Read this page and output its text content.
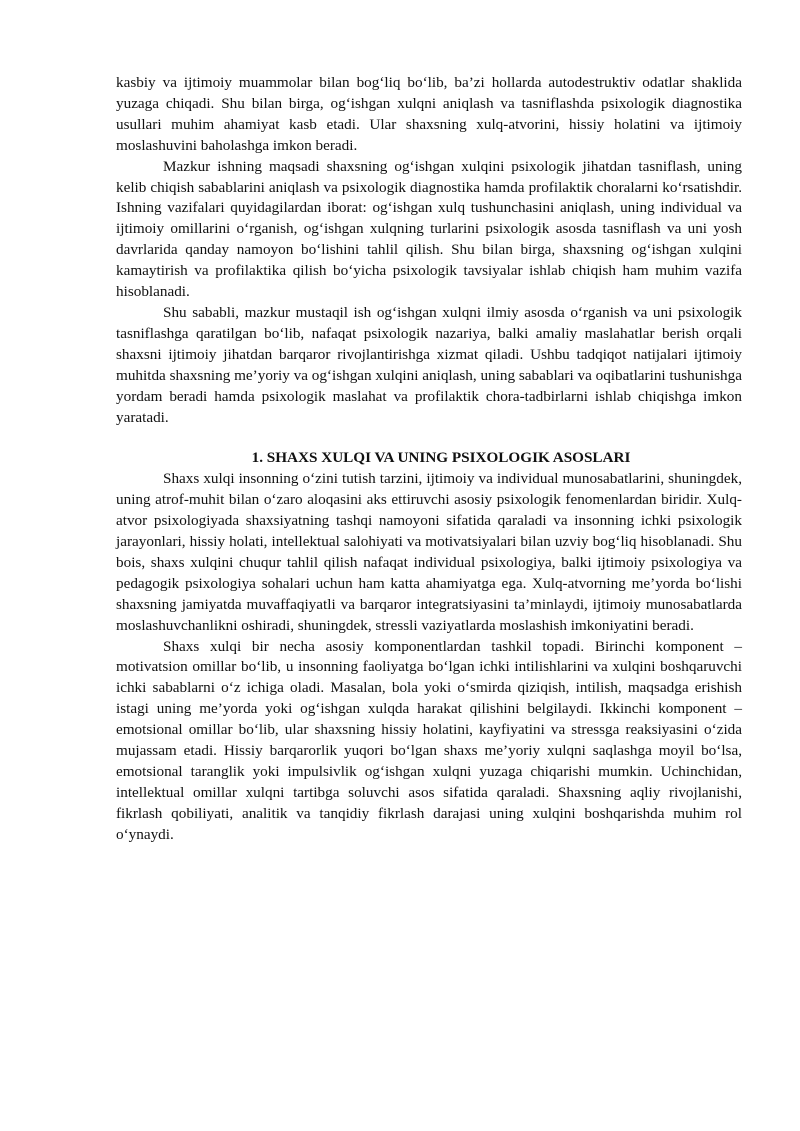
kasbiy va ijtimoiy muammolar bilan bog‘liq bo‘lib, ba’zi hollarda autodestruktiv odatlar shaklida yuzaga chiqadi. Shu bilan birga, og‘ishgan xulqni aniqlash va tasniflashda psixologik diagnostika usullari muhim ahamiyat kasb etadi. Ular shaxsning xulq-atvorini, hissiy holatini va ijtimoiy moslashuvini baholashga imkon beradi.

Mazkur ishning maqsadi shaxsning og‘ishgan xulqini psixologik jihatdan tasniflash, uning kelib chiqish sabablarini aniqlash va psixologik diagnostika hamda profilaktik choralarni ko‘rsatishdir. Ishning vazifalari quyidagilardan iborat: og‘ishgan xulq tushunchasini aniqlash, uning individual va ijtimoiy omillarini o‘rganish, og‘ishgan xulqning turlarini psixologik asosda tasniflash va uni yosh davrlarida qanday namoyon bo‘lishini tahlil qilish. Shu bilan birga, shaxsning og‘ishgan xulqini kamaytirish va profilaktika qilish bo‘yicha psixologik tavsiyalar ishlab chiqish ham muhim vazifa hisoblanadi.

Shu sababli, mazkur mustaqil ish og‘ishgan xulqni ilmiy asosda o‘rganish va uni psixologik tasniflashga qaratilgan bo‘lib, nafaqat psixologik nazariya, balki amaliy maslahatlar berish orqali shaxsni ijtimoiy jihatdan barqaror rivojlantirishga xizmat qiladi. Ushbu tadqiqot natijalari ijtimoiy muhitda shaxsning me’yoriy va og‘ishgan xulqini aniqlash, uning sabablari va oqibatlarini tushunishga yordam beradi hamda psixologik maslahat va profilaktik chora-tadbirlarni ishlab chiqishga imkon yaratadi.

1. SHAXS XULQI VA UNING PSIXOLOGIK ASOSLARI

Shaxs xulqi insonning o‘zini tutish tarzini, ijtimoiy va individual munosabatlarini, shuningdek, uning atrof-muhit bilan o‘zaro aloqasini aks ettiruvchi asosiy psixologik fenomenlardan biridir. Xulq-atvor psixologiyada shaxsiyatning tashqi namoyoni sifatida qaraladi va insonning ichki psixologik jarayonlari, hissiy holati, intellektual salohiyati va motivatsiyalari bilan uzviy bog‘liq hisoblanadi. Shu bois, shaxs xulqini chuqur tahlil qilish nafaqat individual psixologiya, balki ijtimoiy psixologiya va pedagogik psixologiya sohalari uchun ham katta ahamiyatga ega. Xulq-atvorning me’yorda bo‘lishi shaxsning jamiyatda muvaffaqiyatli va barqaror integratsiyasini ta’minlaydi, ijtimoiy munosabatlarda moslashuvchanlikni oshiradi, shuningdek, stressli vaziyatlarda moslashish imkoniyatini beradi.

Shaxs xulqi bir necha asosiy komponentlardan tashkil topadi. Birinchi komponent – motivatsion omillar bo‘lib, u insonning faoliyatga bo‘lgan ichki intilishlarini va xulqini boshqaruvchi ichki sabablarni o‘z ichiga oladi. Masalan, bola yoki o‘smirda qiziqish, intilish, maqsadga erishish istagi uning me’yorda yoki og‘ishgan xulqda harakat qilishini belgilaydi. Ikkinchi komponent – emotsional omillar bo‘lib, ular shaxsning hissiy holatini, kayfiyatini va stressga reaksiyasini o‘zida mujassam etadi. Hissiy barqarorlik yuqori bo‘lgan shaxs me’yoriy xulqni saqlashga moyil bo‘lsa, emotsional taranglik yoki impulsivlik og‘ishgan xulqni yuzaga chiqarishi mumkin. Uchinchidan, intellektual omillar xulqni tartibga soluvchi asos sifatida qaraladi. Shaxsning aqliy rivojlanishi, fikrlash qobiliyati, analitik va tanqidiy fikrlash darajasi uning xulqini boshqarishda muhim rol o‘ynaydi.
